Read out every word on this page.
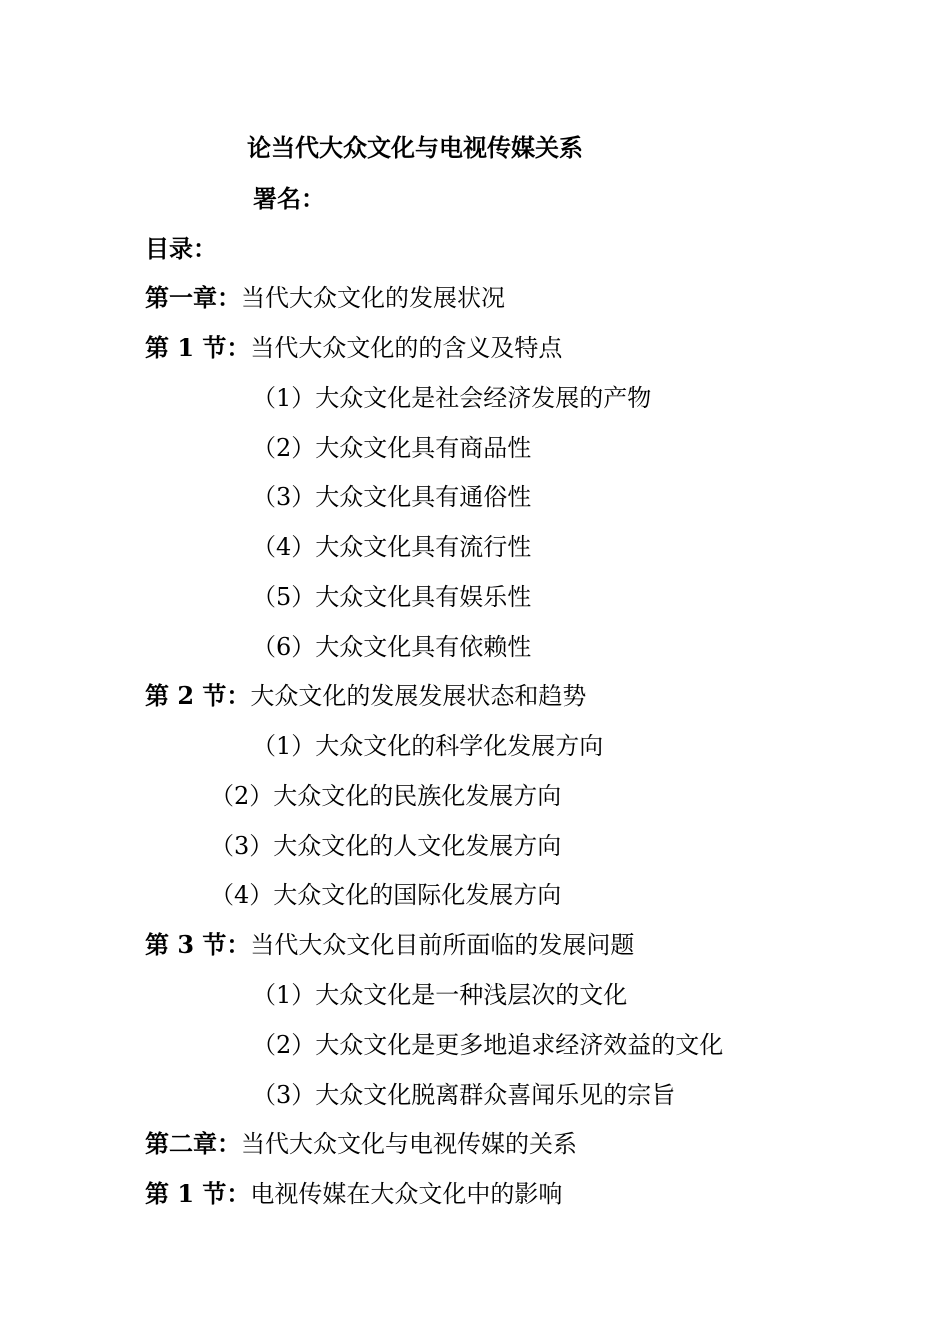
论当代大众文化与电视传媒关系
署名：
目录：
第一章：当代大众文化的发展状况
第 1 节：当代大众文化的的含义及特点
（1）大众文化是社会经济发展的产物
（2）大众文化具有商品性
（3）大众文化具有通俗性
（4）大众文化具有流行性
（5）大众文化具有娱乐性
（6）大众文化具有依赖性
第 2 节：大众文化的发展发展状态和趋势
（1）大众文化的科学化发展方向
（2）大众文化的民族化发展方向
（3）大众文化的人文化发展方向
（4）大众文化的国际化发展方向
第 3 节：当代大众文化目前所面临的发展问题
（1）大众文化是一种浅层次的文化
（2）大众文化是更多地追求经济效益的文化
（3）大众文化脱离群众喜闻乐见的宗旨
第二章：当代大众文化与电视传媒的关系
第 1 节：电视传媒在大众文化中的影响
